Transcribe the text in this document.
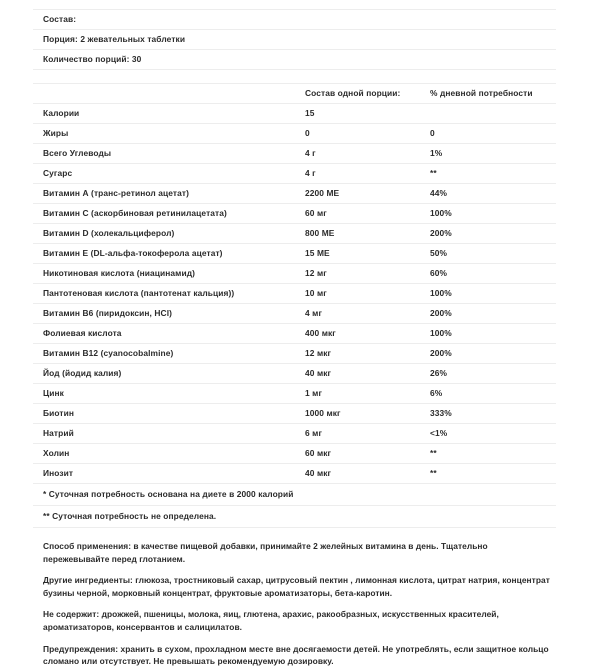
Состав:		
Порция: 2 жевательных таблетки		
Количество порций: 30		

	Состав одной порции:	% дневной потребности
Калории	15	
Жиры	0	0
Всего Углеводы	4 г	1%
Сугарс	4 г	**
Витамин А (транс-ретинол ацетат)	2200 МЕ	44%
Витамин С (аскорбиновая ретинилацетата)	60 мг	100%
Витамин D (холекальциферол)	800 МЕ	200%
Витамин Е (DL-альфа-токоферола ацетат)	15 МЕ	50%
Никотиновая кислота (ниацинамид)	12 мг	60%
Пантотеновая кислота (пантотенат кальция))	10 мг	100%
Витамин В6 (пиридоксин, HCl)	4 мг	200%
Фолиевая кислота	400 мкг	100%
Витамин В12 (cyanocobalmine)	12 мкг	200%
Йод (йодид калия)	40 мкг	26%
Цинк	1 мг	6%
Биотин	1000 мкг	333%
Натрий	6 мг	<1%
Холин	60 мкг	**
Инозит	40 мкг	**
* Суточная потребность основана на диете в 2000 калорий		
** Суточная потребность не определена.		

Способ применения: в качестве пищевой добавки, принимайте 2 желейных витамина в день. Тщательно пережевывайте перед глотанием.

Другие ингредиенты: глюкоза, тростниковый сахар, цитрусовый пектин , лимонная кислота, цитрат натрия, концентрат бузины черной, морковный концентрат, фруктовые ароматизаторы, бета-каротин.

Не содержит: дрожжей, пшеницы, молока, яиц, глютена, арахис, ракообразных, искусственных красителей, ароматизаторов, консервантов и салицилатов.

Предупреждения: хранить в сухом, прохладном месте вне досягаемости детей. Не употреблять, если защитное кольцо сломано или отсутствует. Не превышать рекомендуемую дозировку.
